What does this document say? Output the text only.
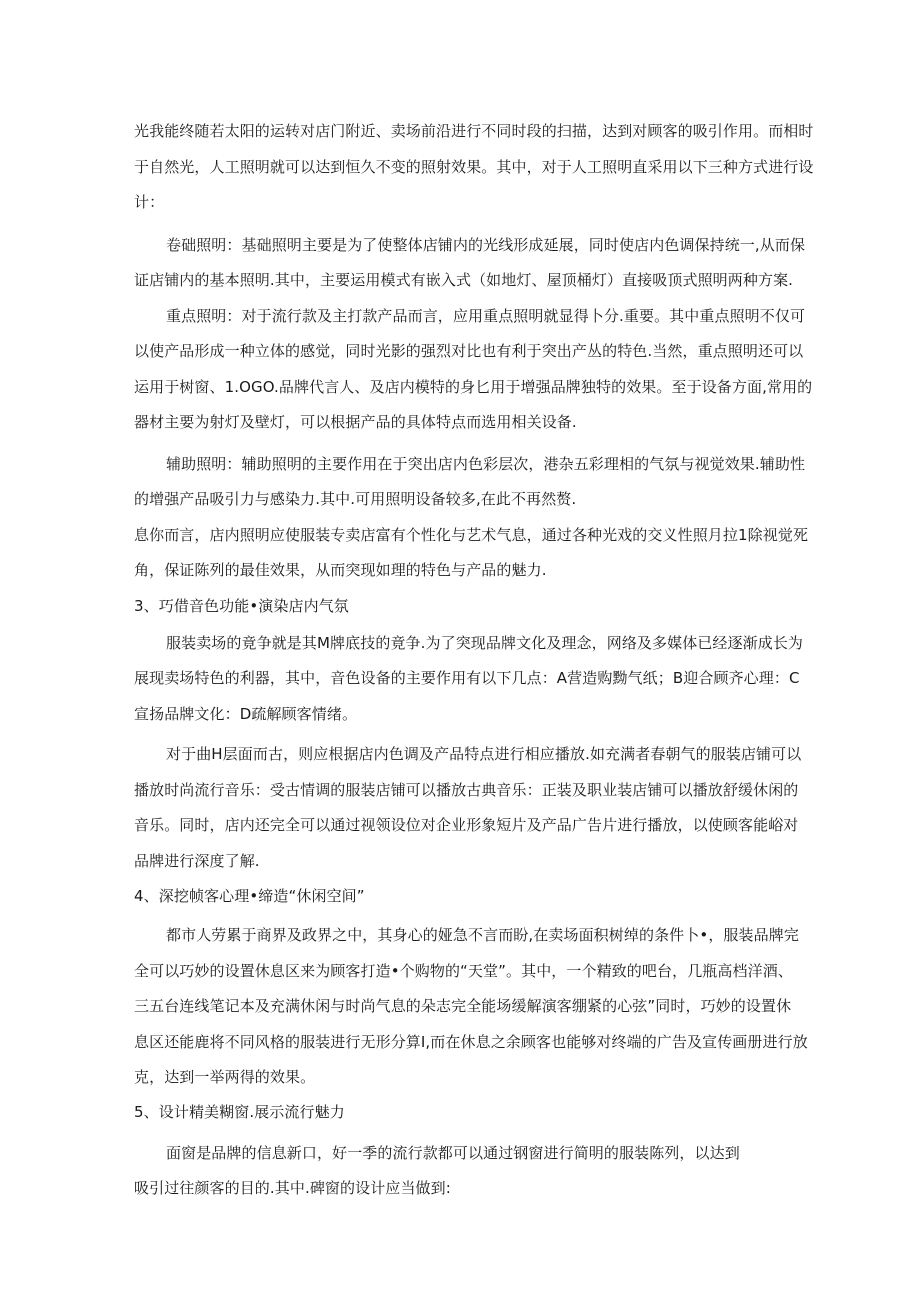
光我能终随若太阳的运转对店门附近、卖场前沿进行不同时段的扫描，达到对顾客的吸引作用。而相时
于自然光，人工照明就可以达到恒久不变的照射效果。其中，对于人工照明直采用以下三种方式进行设
计：
卷础照明：基础照明主要是为了使整体店铺内的光线形成延展，同时使店内色调保持统一,从而保
证店铺内的基本照明.其中，主要运用模式有嵌入式（如地灯、屋顶桶灯）直接吸顶式照明两种方案.
重点照明：对于流行款及主打款产品而言，应用重点照明就显得卜分.重要。其中重点照明不仅可
以使产品形成一种立体的感觉，同时光影的强烈对比也有利于突出产丛的特色.当然，重点照明还可以
运用于树窗、1.OGO.品牌代言人、及店内模特的身匕用于增强品牌独特的效果。至于设备方面,常用的
器材主要为射灯及壁灯，可以根据产品的具体特点而选用相关设备.
辅助照明：辅助照明的主要作用在于突出店内色彩层次，港杂五彩理相的气氛与视觉效果.辅助性
的增强产品吸引力与感染力.其中.可用照明设备较多,在此不再然赘.
息你而言，店内照明应使服装专卖店富有个性化与艺术气息，通过各种光戏的交义性照月拉1除视觉死
角，保证陈列的最佳效果，从而突现如理的特色与产品的魅力.
3、巧借音色功能•演染店内气氛
服装卖场的竟争就是其M牌底技的竟争.为了突现品牌文化及理念，网络及多媒体已经逐渐成长为
展现卖场特色的利器，其中，音色设备的主要作用有以下几点：A营造购黝气纸；B迎合顾齐心理：C
宣扬品牌文化：D疏解顾客情绪。
对于曲H层面而古，则应根据店内色调及产品特点进行相应播放.如充满者春朝气的服装店铺可以
播放时尚流行音乐：受古情调的服装店铺可以播放古典音乐：正装及职业装店铺可以播放舒缓休闲的
音乐。同时，店内还完全可以通过视领设位对企业形象短片及产品广告片进行播放，以使顾客能峪对
品牌进行深度了解.
4、深挖帧客心理•缔造“休闲空间”
都市人劳累于商界及政界之中，其身心的娅急不言而盼,在卖场面积树绰的条件卜•，服装品牌完
全可以巧妙的设置休息区来为顾客打造•个购物的“天堂”。其中，一个精致的吧台，几瓶高档洋酒、
三五台连线笔记本及充满休闲与时尚气息的朵志完全能场缓解演客绷紧的心弦”同时，巧妙的设置休
息区还能鹿将不同风格的服装进行无形分算I,而在休息之余顾客也能够对终端的广告及宣传画册进行放
克，达到一举两得的效果。
5、设计精美糊窗.展示流行魅力
面窗是品牌的信息新口，好一季的流行款都可以通过钢窗进行简明的服装陈列，以达到
吸引过往颜客的目的.其中.碑窗的设计应当做到:
